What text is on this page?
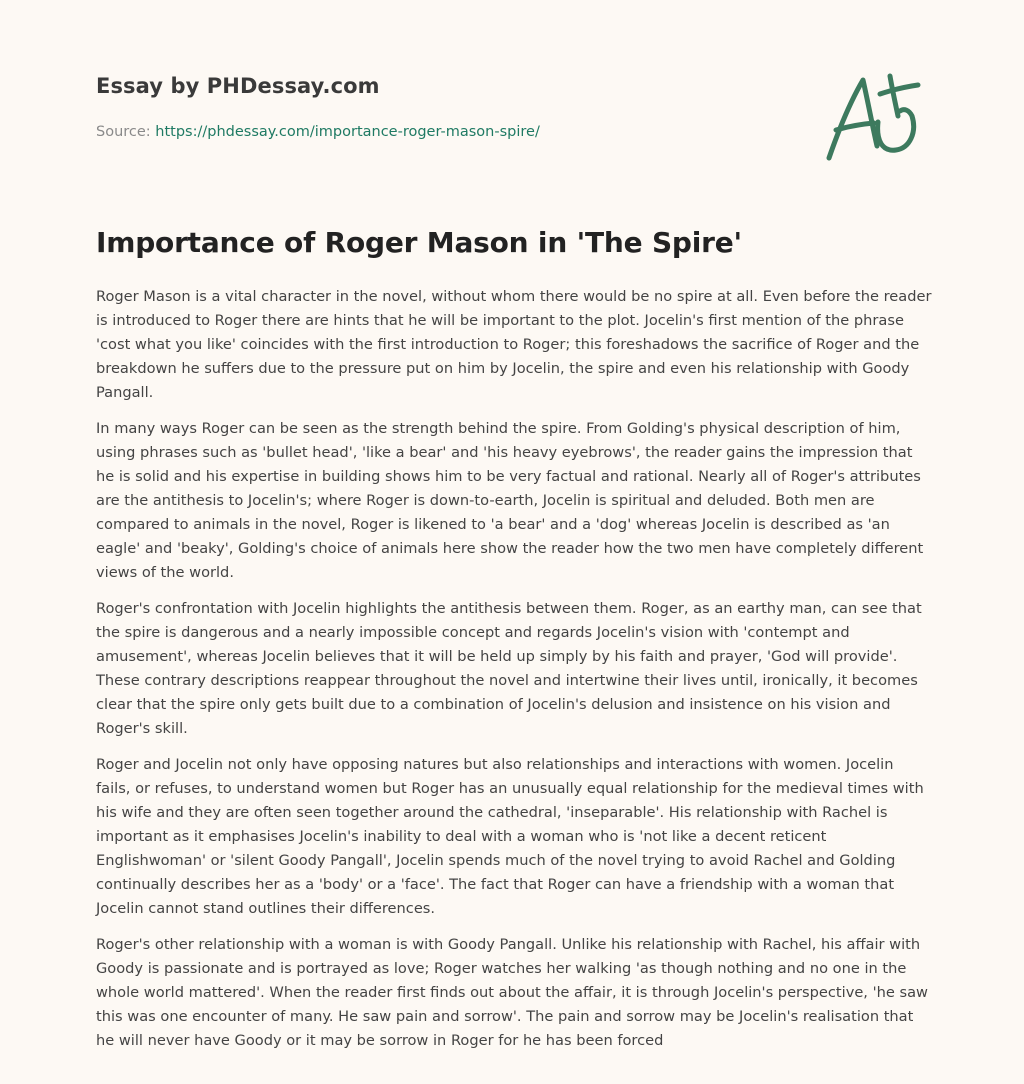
Essay by PHDessay.com
Source: https://phdessay.com/importance-roger-mason-spire/
Importance of Roger Mason in 'The Spire'

Roger Mason is a vital character in the novel, without whom there would be no spire at all. Even before the reader is introduced to Roger there are hints that he will be important to the plot. Jocelin's first mention of the phrase 'cost what you like' coincides with the first introduction to Roger; this foreshadows the sacrifice of Roger and the breakdown he suffers due to the pressure put on him by Jocelin, the spire and even his relationship with Goody Pangall.

In many ways Roger can be seen as the strength behind the spire. From Golding's physical description of him, using phrases such as 'bullet head', 'like a bear' and 'his heavy eyebrows', the reader gains the impression that he is solid and his expertise in building shows him to be very factual and rational. Nearly all of Roger's attributes are the antithesis to Jocelin's; where Roger is down-to-earth, Jocelin is spiritual and deluded. Both men are compared to animals in the novel, Roger is likened to 'a bear' and a 'dog' whereas Jocelin is described as 'an eagle' and 'beaky', Golding's choice of animals here show the reader how the two men have completely different views of the world.

Roger's confrontation with Jocelin highlights the antithesis between them. Roger, as an earthy man, can see that the spire is dangerous and a nearly impossible concept and regards Jocelin's vision with 'contempt and amusement', whereas Jocelin believes that it will be held up simply by his faith and prayer, 'God will provide'. These contrary descriptions reappear throughout the novel and intertwine their lives until, ironically, it becomes clear that the spire only gets built due to a combination of Jocelin's delusion and insistence on his vision and Roger's skill.

Roger and Jocelin not only have opposing natures but also relationships and interactions with women. Jocelin fails, or refuses, to understand women but Roger has an unusually equal relationship for the medieval times with his wife and they are often seen together around the cathedral, 'inseparable'. His relationship with Rachel is important as it emphasises Jocelin's inability to deal with a woman who is 'not like a decent reticent Englishwoman' or 'silent Goody Pangall', Jocelin spends much of the novel trying to avoid Rachel and Golding continually describes her as a 'body' or a 'face'. The fact that Roger can have a friendship with a woman that Jocelin cannot stand outlines their differences.

Roger's other relationship with a woman is with Goody Pangall. Unlike his relationship with Rachel, his affair with Goody is passionate and is portrayed as love; Roger watches her walking 'as though nothing and no one in the whole world mattered'. When the reader first finds out about the affair, it is through Jocelin's perspective, 'he saw this was one encounter of many. He saw pain and sorrow'. The pain and sorrow may be Jocelin's realisation that he will never have Goody or it may be sorrow in Roger for he has been forced
